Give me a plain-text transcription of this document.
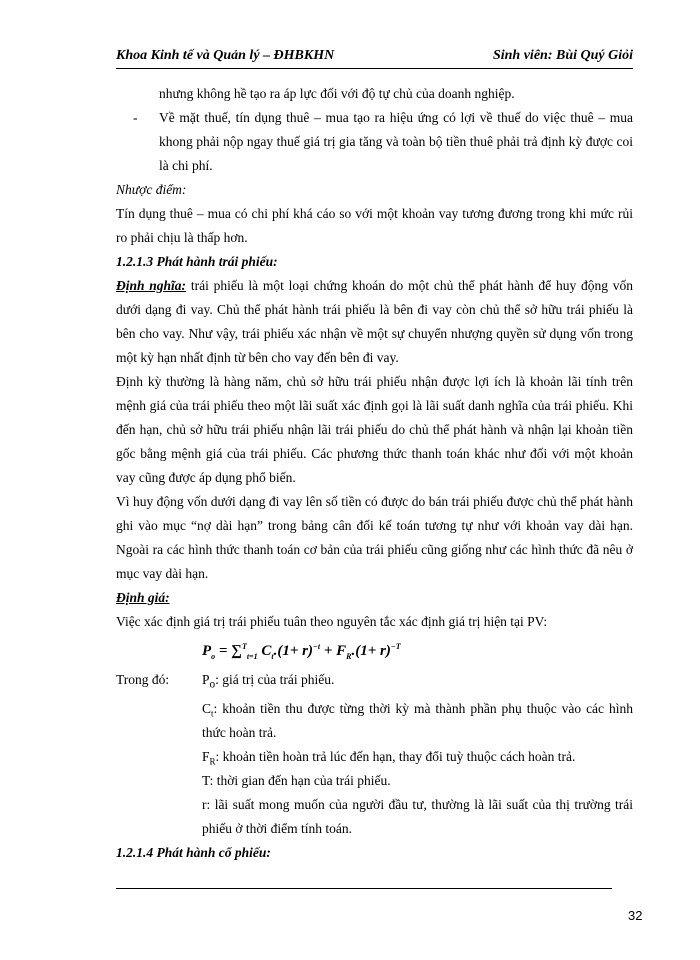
Khoa Kinh tế và Quản lý – ĐHBKHN	Sinh viên: Bùi Quý Giỏi

nhưng không hề tạo ra áp lực đối với độ tự chủ của doanh nghiệp.

- Về mặt thuế, tín dụng thuê – mua tạo ra hiệu ứng có lợi về thuế do việc thuê – mua khong phải nộp ngay thuế giá trị gia tăng và toàn bộ tiền thuê phải trả định kỳ được coi là chi phí.

Nhược điểm:

Tín dụng thuê – mua có chi phí khá cáo so với một khoản vay tương đương trong khi mức rủi ro phải chịu là thấp hơn.

1.2.1.3 Phát hành trái phiếu:

Định nghĩa: trái phiếu là một loại chứng khoán do một chủ thể phát hành để huy động vốn dưới dạng đi vay. Chủ thể phát hành trái phiếu là bên đi vay còn chủ thể sở hữu trái phiếu là bên cho vay. Như vậy, trái phiếu xác nhận về một sự chuyển nhượng quyền sử dụng vốn trong một kỳ hạn nhất định từ bên cho vay đến bên đi vay.

Định kỳ thường là hàng năm, chủ sở hữu trái phiếu nhận được lợi ích là khoản lãi tính trên mệnh giá của trái phiếu theo một lãi suất xác định gọi là lãi suất danh nghĩa của trái phiếu. Khi đến hạn, chủ sở hữu trái phiếu nhận lãi trái phiếu do chủ thể phát hành và nhận lại khoản tiền gốc bằng mệnh giá của trái phiếu. Các phương thức thanh toán khác như đối với một khoản vay cũng được áp dụng phổ biến.

Vì huy động vốn dưới dạng đi vay lên số tiền có được do bán trái phiếu được chủ thể phát hành ghi vào mục “nợ dài hạn” trong bảng cân đối kế toán tương tự như với khoản vay dài hạn. Ngoài ra các hình thức thanh toán cơ bản của trái phiếu cũng giống như các hình thức đã nêu ở mục vay dài hạn.

Định giá:

Việc xác định giá trị trái phiếu tuân theo nguyên tắc xác định giá trị hiện tại PV:

$P_o = \sum^T_{t=1}$ $C_t.(1+ r)^{-t} + F_R.(1+ r)^{-T}$
Trong đó: $P_o$: giá trị của trái phiếu.

$C_t$: khoản tiền thu được từng thời kỳ mà thành phần phụ thuộc vào các hình thức hoàn trả.

$F_R$: khoản tiền hoàn trả lúc đến hạn, thay đổi tuỳ thuộc cách hoàn trả.

T: thời gian đến hạn của trái phiếu.

r: lãi suất mong muốn của người đầu tư, thường là lãi suất của thị trường trái phiếu ở thời điểm tính toán.

1.2.1.4 Phát hành cổ phiếu:

32
